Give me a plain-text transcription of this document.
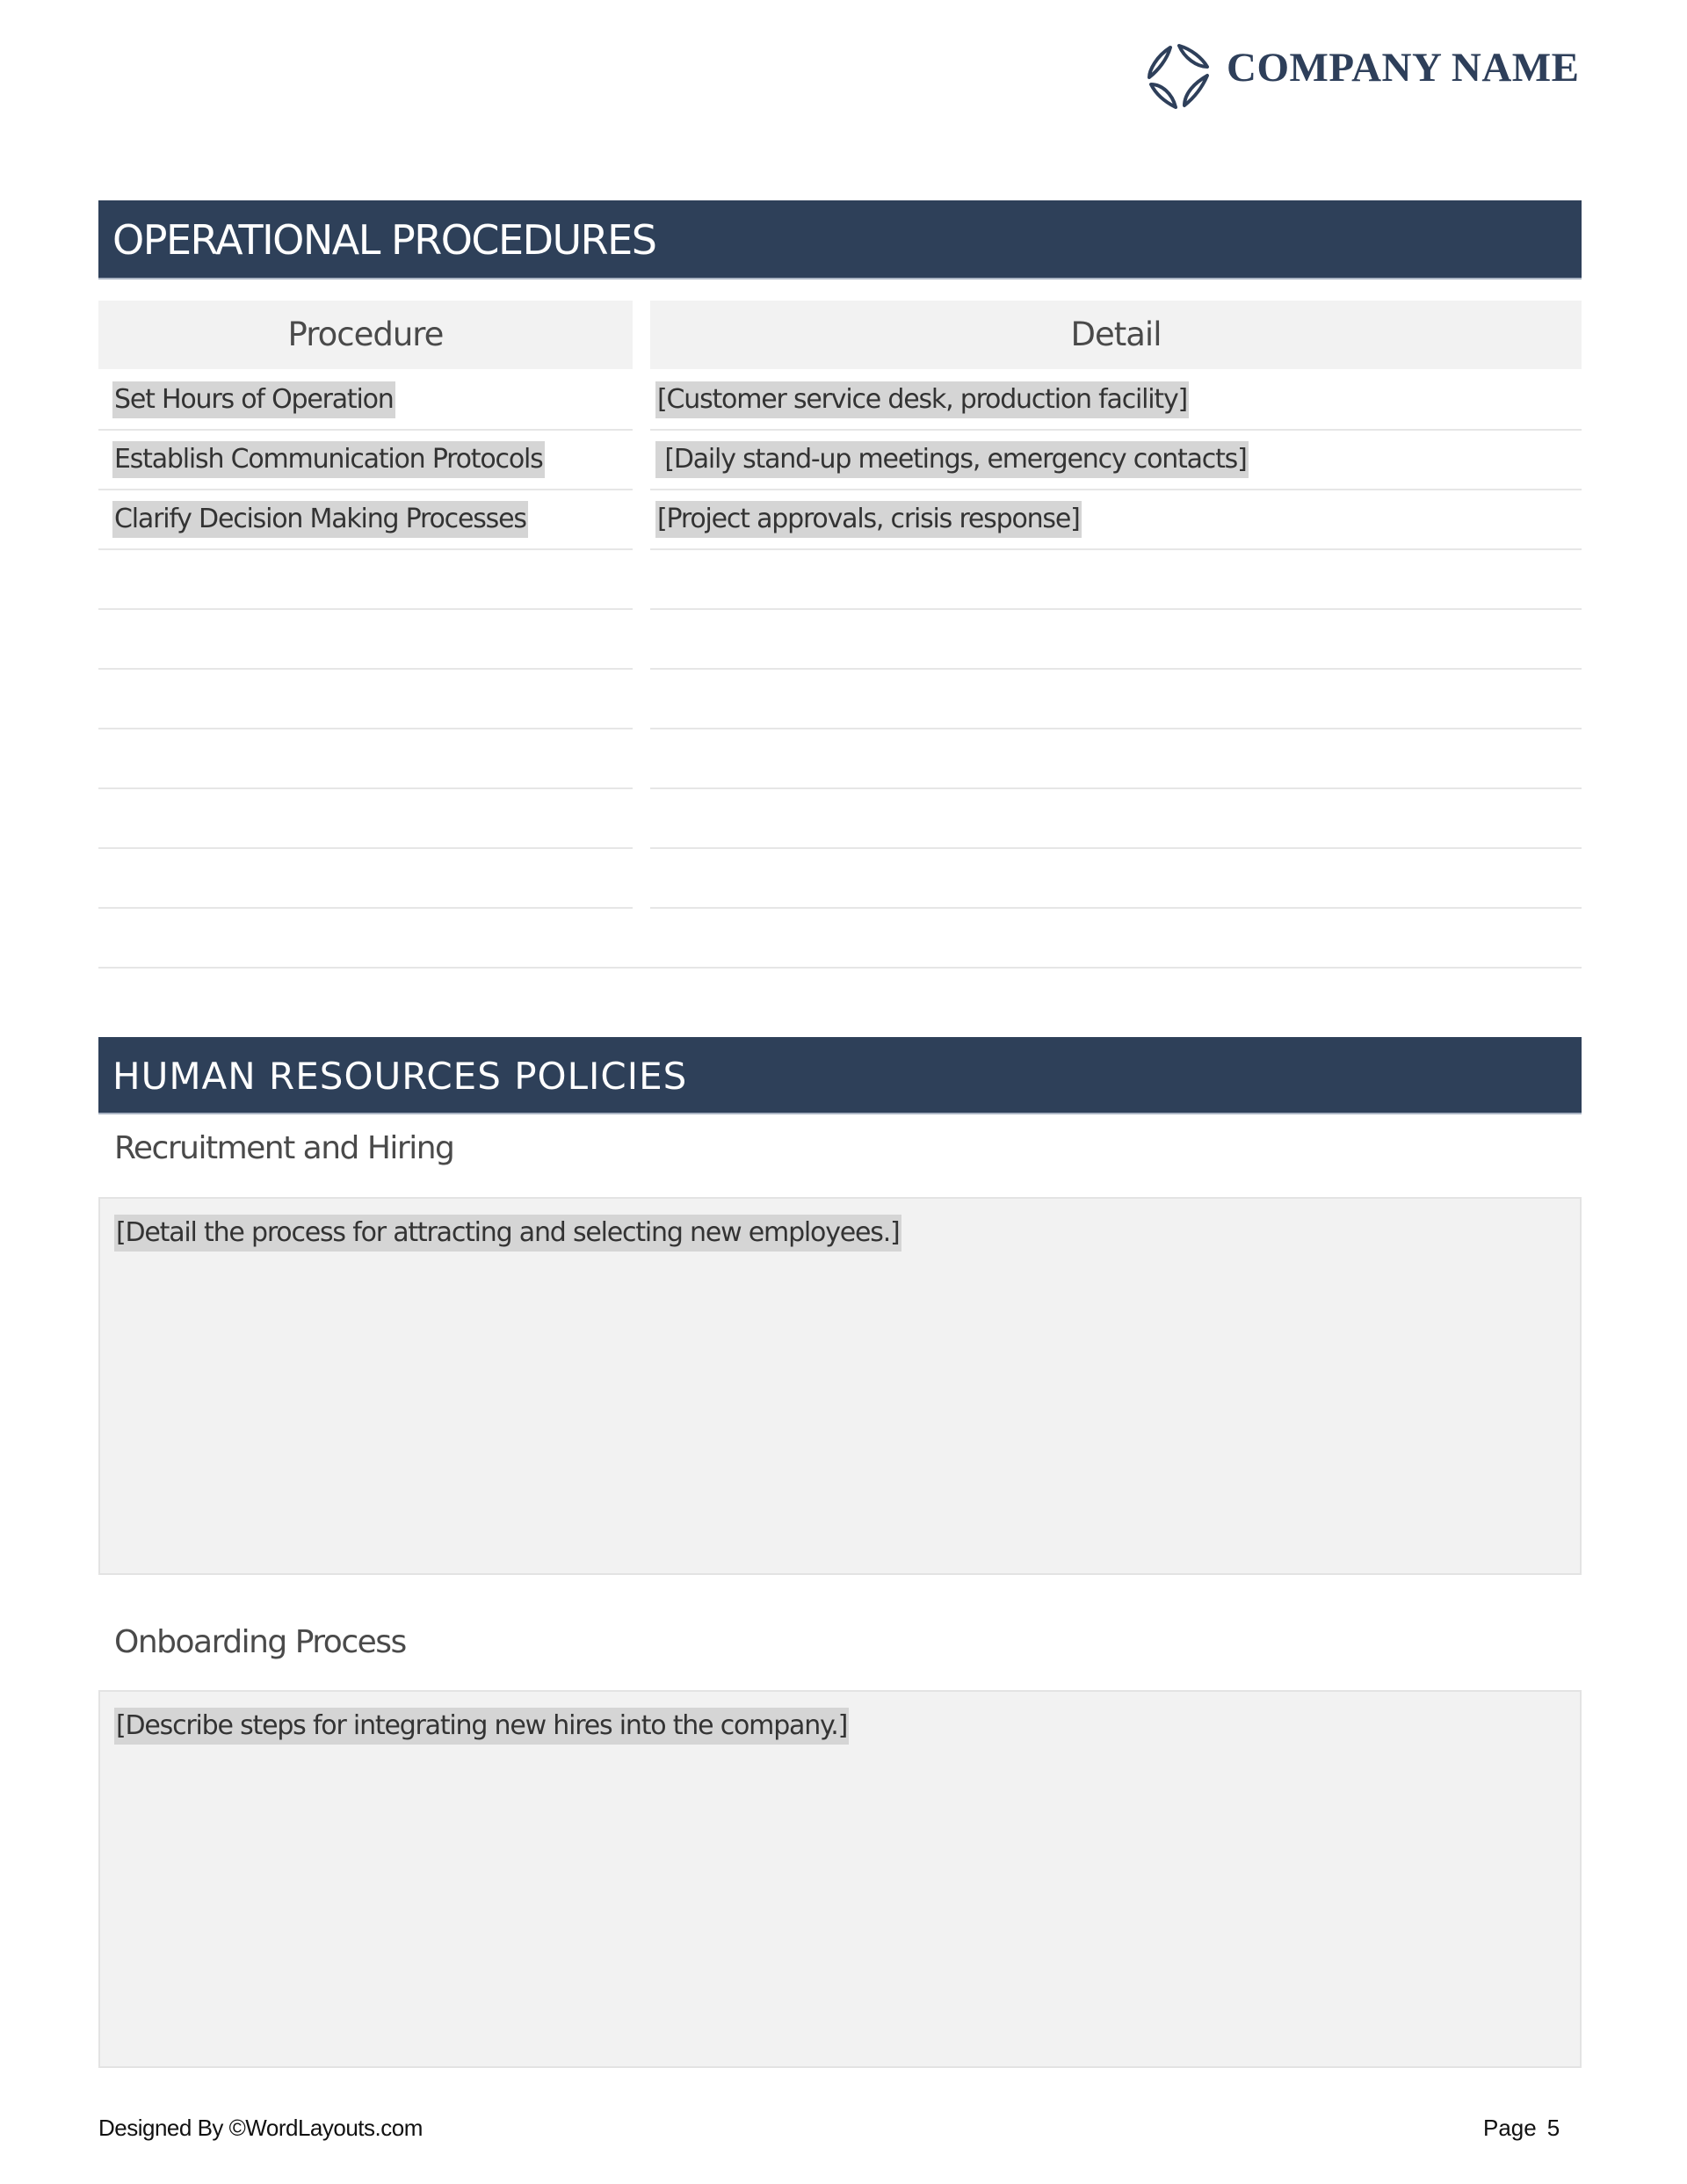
COMPANY NAME
OPERATIONAL PROCEDURES
Procedure	Detail
Set Hours of Operation	[Customer service desk, production facility]
Establish Communication Protocols	[Daily stand-up meetings, emergency contacts]
Clarify Decision Making Processes	[Project approvals, crisis response]
HUMAN RESOURCES POLICIES
Recruitment and Hiring
[Detail the process for attracting and selecting new employees.]
Onboarding Process
[Describe steps for integrating new hires into the company.]
Designed By ©WordLayouts.com	Page 5
